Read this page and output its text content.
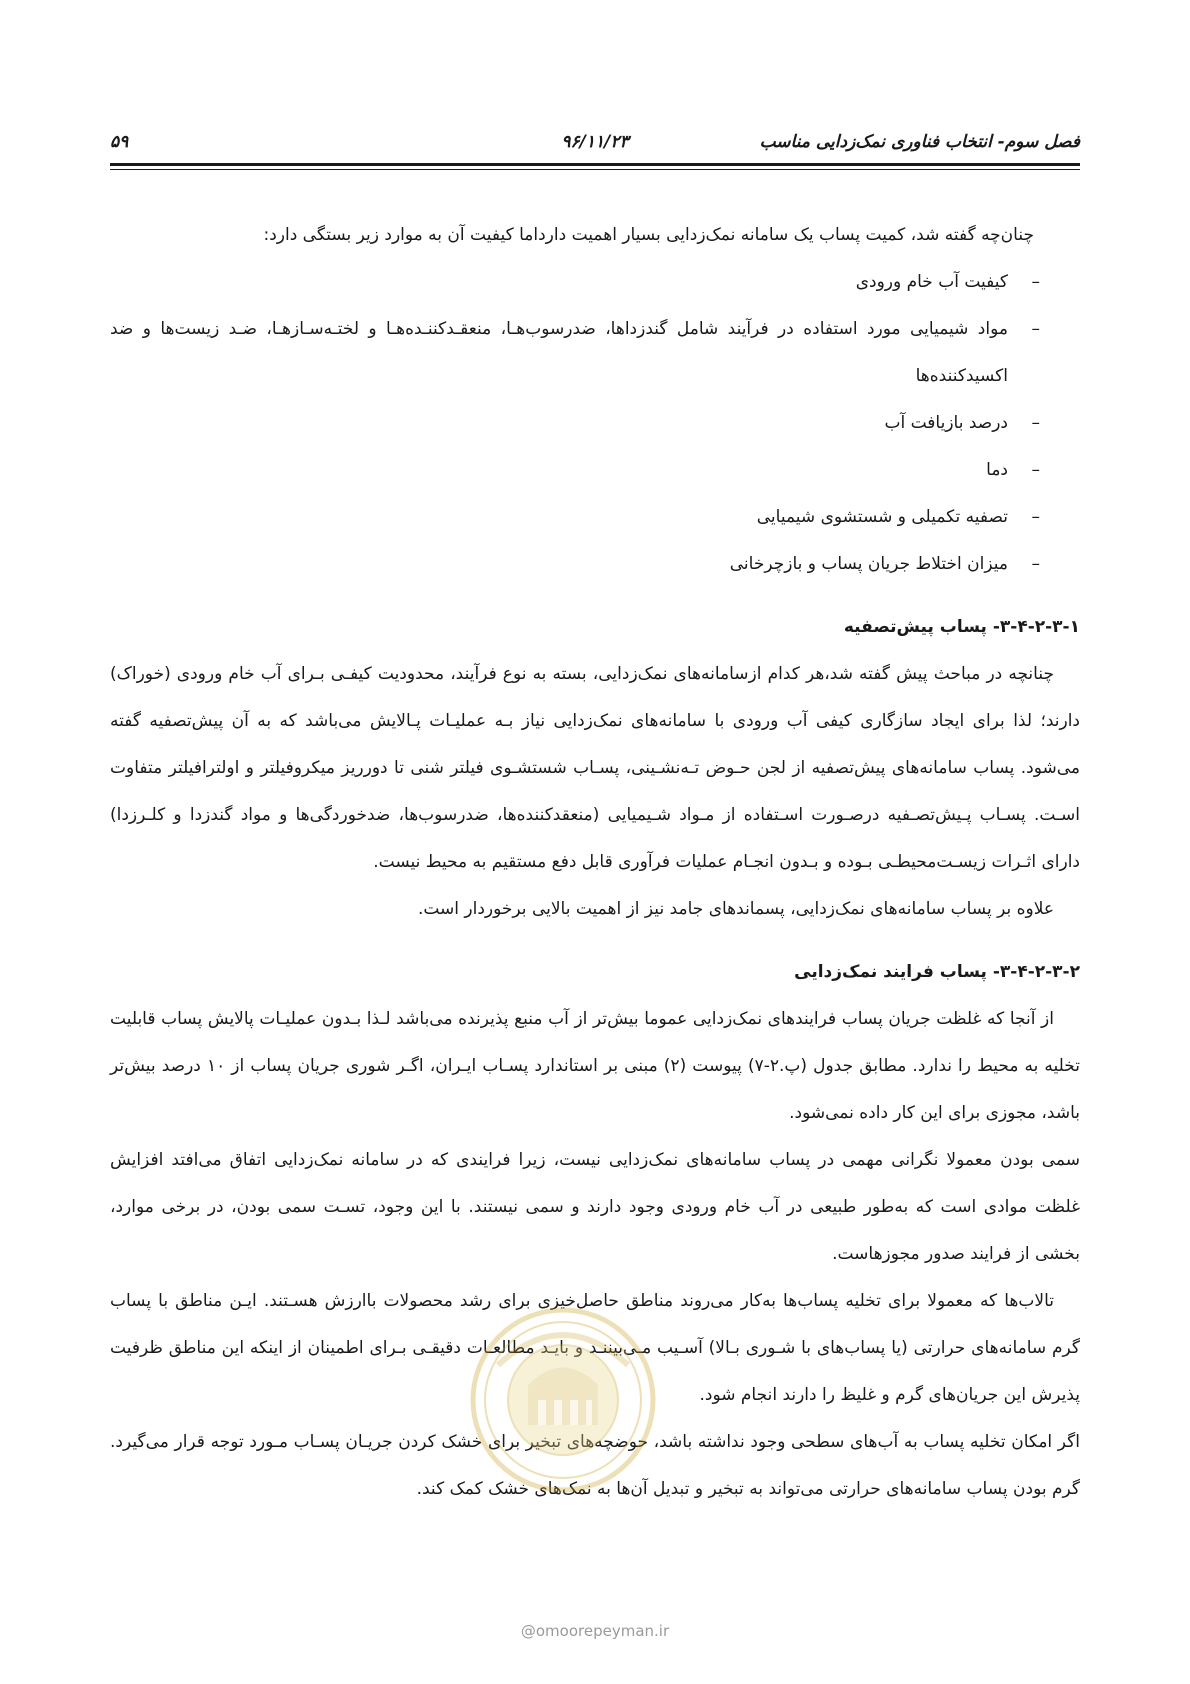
فصل سوم- انتخاب فناوری نمک‌زدایی مناسب
۹۶/۱۱/۲۳
۵۹

چنان‌چه گفته شد، کمیت پساب یک سامانه نمک‌زدایی بسیار اهمیت دارداما کیفیت آن به موارد زیر بستگی دارد:

–
کیفیت آب خام ورودی
–
مواد شیمیایی مورد استفاده در فرآیند شامل گندزداها، ضدرسوب‌هـا، منعقـدکننـده‌هـا و لختـه‌سـازهـا، ضـد زیست‌ها و ضد اکسیدکننده‌ها
–
درصد بازیافت آب
–
دما
–
تصفیه تکمیلی و شستشوی شیمیایی
–
میزان اختلاط جریان پساب و بازچرخانی
۳-۴-۲-۳-۱- پساب پیش‌تصفیه

چنانچه در مباحث پیش گفته شد،هر کدام ازسامانه‌های نمک‌زدایی، بسته به نوع فرآیند، محدودیت کیفـی بـرای آب خام ورودی (خوراک) دارند؛ لذا برای ایجاد سازگاری کیفی آب ورودی با سامانه‌های نمک‌زدایی نیاز بـه عملیـات پـالایش می‌باشد که به آن پیش‌تصفیه گفته می‌شود. پساب سامانه‌های پیش‌تصفیه از لجن حـوض تـه‌نشـینی، پسـاب شستشـوی فیلتر شنی تا دورریز میکروفیلتر و اولترافیلتر متفاوت اسـت. پسـاب پـیش‌تصـفیه درصـورت اسـتفاده از مـواد شـیمیایی (منعقدکننده‌ها، ضدرسوب‌ها، ضدخوردگی‌ها و مواد گندزدا و کلـرزدا) دارای اثـرات زیسـت‌محیطـی بـوده و بـدون انجـام عملیات فرآوری قابل دفع مستقیم به محیط نیست.

علاوه بر پساب سامانه‌های نمک‌زدایی، پسماندهای جامد نیز از اهمیت بالایی برخوردار است.

۳-۴-۲-۳-۲- پساب فرایند نمک‌زدایی

از آنجا که غلظت جریان پساب فرایندهای نمک‌زدایی عموما بیش‌تر از آب منبع پذیرنده می‌باشد لـذا بـدون عملیـات پالایش پساب قابلیت تخلیه به محیط را ندارد. مطابق جدول (پ.۲-۷) پیوست (۲) مبنی بر استاندارد پسـاب ایـران، اگـر شوری جریان پساب از ۱۰ درصد بیش‌تر باشد، مجوزی برای این کار داده نمی‌شود.

سمی بودن معمولا نگرانی مهمی در پساب سامانه‌های نمک‌زدایی نیست، زیرا فرایندی که در سامانه نمک‌زدایی اتفاق می‌افتد افزایش غلظت موادی است که به‌طور طبیعی در آب خام ورودی وجود دارند و سمی نیستند. با این وجود، تسـت سمی بودن، در برخی موارد، بخشی از فرایند صدور مجوزهاست.

تالاب‌ها که معمولا برای تخلیه پساب‌ها به‌کار می‌روند مناطق حاصل‌خیزی برای رشد محصولات باارزش هسـتند. ایـن مناطق با پساب گرم سامانه‌های حرارتی (یا پساب‌های با شـوری بـالا) آسـیب مـی‌بیننـد و بایـد مطالعـات دقیقـی بـرای اطمینان از اینکه این مناطق ظرفیت پذیرش این جریان‌های گرم و غلیظ را دارند انجام شود.

اگر امکان تخلیه پساب به آب‌های سطحی وجود نداشته باشد، حوضچه‌های تبخیر برای خشک کردن جریـان پسـاب مـورد توجه قرار می‌گیرد. گرم بودن پساب سامانه‌های حرارتی می‌تواند به تبخیر و تبدیل آن‌ها به نمک‌های خشک کمک کند.

@omoorepeyman.ir
